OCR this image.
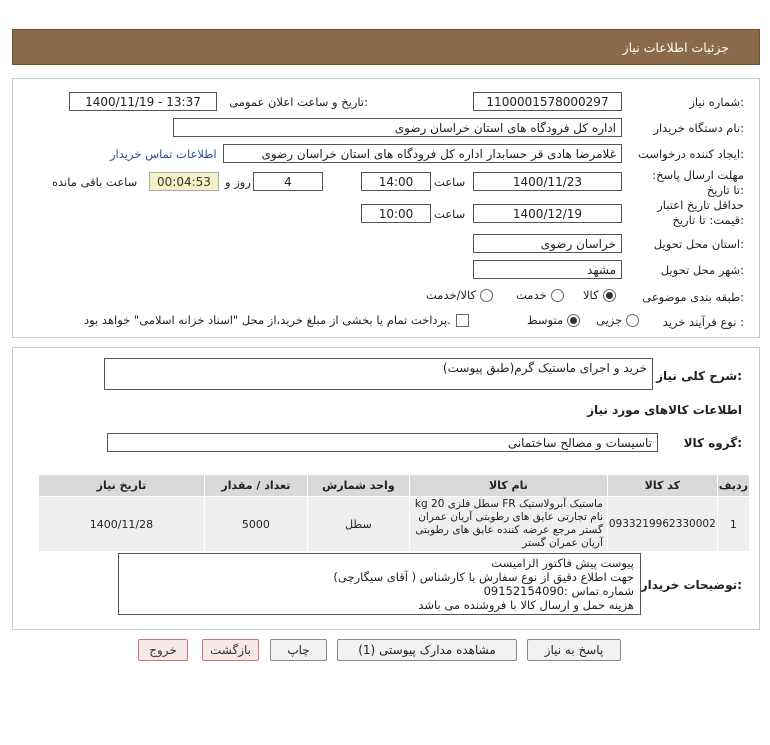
جزئیات اطلاعات نیاز
شماره نیاز:
1100001578000297
تاریخ و ساعت اعلان عمومی:
1400/11/19 - 13:37
نام دستگاه خریدار:
اداره کل فرودگاه های استان خراسان رضوی
ایجاد کننده درخواست:
غلامرضا هادی قر حسابدار اداره کل فرودگاه های استان خراسان رضوی
اطلاعات تماس خریدار
مهلت ارسال پاسخ: تا تاریخ:
1400/11/23
ساعت
14:00
4
روز و
00:04:53
ساعت باقی مانده
حداقل تاریخ اعتبار قیمت: تا تاریخ:
1400/12/19
ساعت
10:00
استان محل تحویل:
خراسان رضوی
شهر محل تحویل:
مشهد
طبقه بندی موضوعی:
کالا
خدمت
کالا/خدمت
نوع فرآیند خرید :
جزیی
متوسط
پرداخت تمام یا بخشی از مبلغ خرید،از محل "اسناد خزانه اسلامی" خواهد بود.
شرح کلی نیاز:
خرید و اجرای ماستیک گرم(طبق پیوست)
اطلاعات کالاهای مورد نیاز
گروه کالا:
تاسیسات و مصالح ساختمانی
ردیف	کد کالا	نام کالا	واحد شمارش	تعداد / مقدار	تاریخ نیاز
1	0933219962330002	ماستیک آبرولاستیک FR سطل فلزی 20 kg نام تجارتی عایق های رطوبتی آریان عمران گستر مرجع عرضه کننده عایق های رطوبتی آریان عمران گستر	سطل	5000	1400/11/28
توضیحات خریدار:
پیوست پیش فاکتور الزامیست
جهت اطلاع دقیق از نوع سفارش با کارشناس ( آقای سیگارچی)
شماره تماس :09152154090
هزینه حمل و ارسال کالا با فروشنده می باشد
پاسخ به نیاز
مشاهده مدارک پیوستی (1)
چاپ
بازگشت
خروج
